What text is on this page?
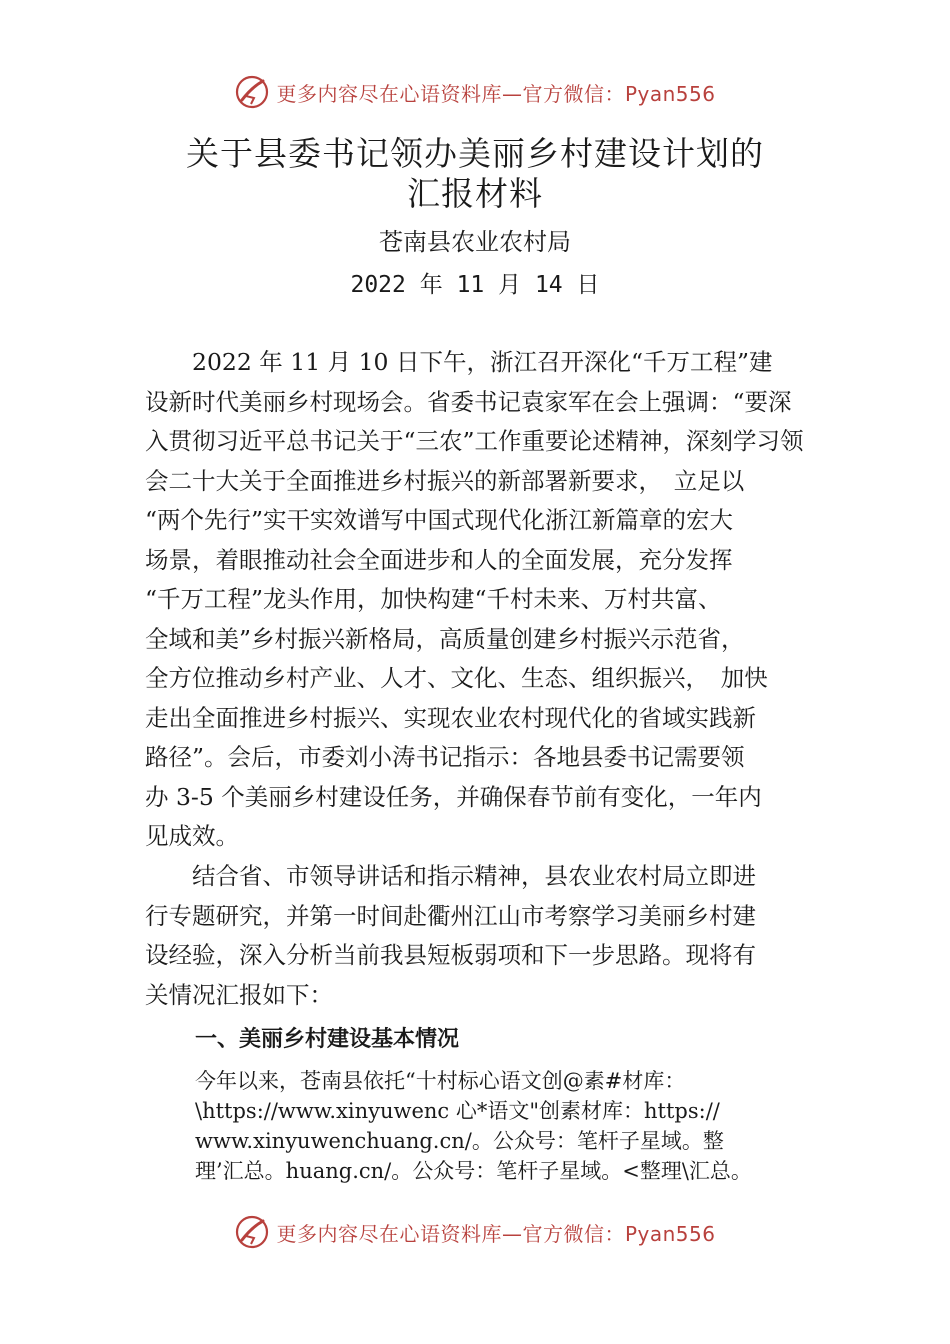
更多内容尽在心语资料库—官方微信：Pyan556
关于县委书记领办美丽乡村建设计划的
汇报材料
苍南县农业农村局
2022 年 11 月 14 日
　　2022 年 11 月 10 日下午，浙江召开深化“千万工程”建
设新时代美丽乡村现场会。省委书记袁家军在会上强调：“要深
入贯彻习近平总书记关于“三农”工作重要论述精神，深刻学习领
会二十大关于全面推进乡村振兴的新部署新要求，　立足以
“两个先行”实干实效谱写中国式现代化浙江新篇章的宏大
场景，着眼推动社会全面进步和人的全面发展，充分发挥
“千万工程”龙头作用，加快构建“千村未来、万村共富、
全域和美”乡村振兴新格局，高质量创建乡村振兴示范省，
全方位推动乡村产业、人才、文化、生态、组织振兴，　加快
走出全面推进乡村振兴、实现农业农村现代化的省域实践新
路径”。会后，市委刘小涛书记指示：各地县委书记需要领
办 3-5 个美丽乡村建设任务，并确保春节前有变化，一年内
见成效。
　　结合省、市领导讲话和指示精神，县农业农村局立即进
行专题研究，并第一时间赴衢州江山市考察学习美丽乡村建
设经验，深入分析当前我县短板弱项和下一步思路。现将有
关情况汇报如下：
一、美丽乡村建设基本情况
今年以来，苍南县依托“十村标心语文创@素#材库：
\https://www.xinyuwenc 心*语文"创素材库：https://
www.xinyuwenchuang.cn/。公众号：笔杆子星域。整
理’汇总。huang.cn/。公众号：笔杆子星域。<整理\汇总。
更多内容尽在心语资料库—官方微信：Pyan556
